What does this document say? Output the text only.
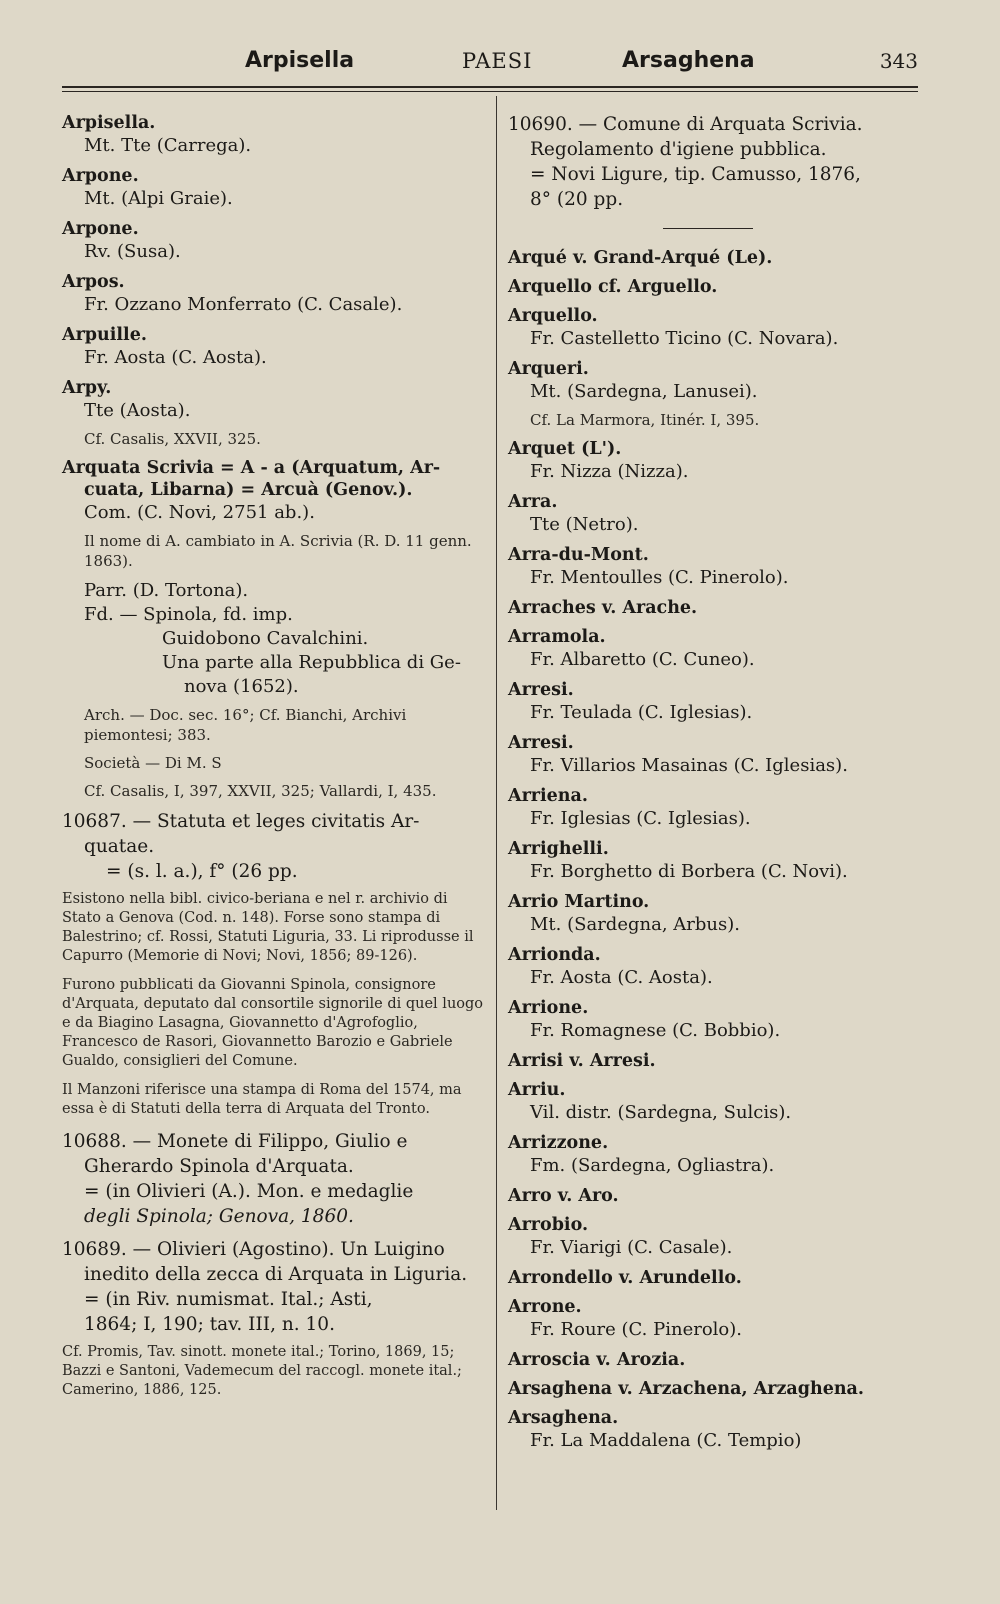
Arpisella	PAESI	Arsaghena	343
Arpisella.
Mt. Tte (Carrega).
Arpone.
Mt. (Alpi Graie).
Arpone.
Rv. (Susa).
Arpos.
Fr. Ozzano Monferrato (C. Casale).
Arpuille.
Fr. Aosta (C. Aosta).
Arpy.
Tte (Aosta).
Cf. Casalis, XXVII, 325.
Arquata Scrivia = A - a (Arquatum, Ar-
cuata, Libarna) = Arcuà (Genov.).
Com. (C. Novi, 2751 ab.).
Il nome di A. cambiato in A. Scrivia (R. D. 11 genn. 1863).
Parr. (D. Tortona).
Fd. — Spinola, fd. imp.
Guidobono Cavalchini.
Una parte alla Repubblica di Ge-
nova (1652).
Arch. — Doc. sec. 16°; Cf. Bianchi, Archivi piemontesi; 383.
Società — Di M. S
Cf. Casalis, I, 397, XXVII, 325; Vallardi, I, 435.
10687. — Statuta et leges civitatis Ar-
quatae.
= (s. l. a.), f° (26 pp.
Esistono nella bibl. civico-beriana e nel r. archivio di Stato a Genova (Cod. n. 148). Forse sono stampa di Balestrino; cf. Rossi, Statuti Liguria, 33. Li riprodusse il Capurro (Memorie di Novi; Novi, 1856; 89-126).
Furono pubblicati da Giovanni Spinola, consignore d'Arquata, deputato dal consortile signorile di quel luogo e da Biagino Lasagna, Giovannetto d'Agrofoglio, Francesco de Rasori, Giovannetto Barozio e Gabriele Gualdo, consiglieri del Comune.
Il Manzoni riferisce una stampa di Roma del 1574, ma essa è di Statuti della terra di Arquata del Tronto.
10688. — Monete di Filippo, Giulio e
Gherardo Spinola d'Arquata.
= (in Olivieri (A.). Mon. e medaglie
degli Spinola; Genova, 1860.
10689. — Olivieri (Agostino). Un Luigino
inedito della zecca di Arquata in Liguria.
= (in Riv. numismat. Ital.; Asti,
1864; I, 190; tav. III, n. 10.
Cf. Promis, Tav. sinott. monete ital.; Torino, 1869, 15; Bazzi e Santoni, Vademecum del raccogl. monete ital.; Camerino, 1886, 125.
10690. — Comune di Arquata Scrivia.
Regolamento d'igiene pubblica.
= Novi Ligure, tip. Camusso, 1876,
8° (20 pp.
Arqué v. Grand-Arqué (Le).
Arquello cf. Arguello.
Arquello.
Fr. Castelletto Ticino (C. Novara).
Arqueri.
Mt. (Sardegna, Lanusei).
Cf. La Marmora, Itinér. I, 395.
Arquet (L').
Fr. Nizza (Nizza).
Arra.
Tte (Netro).
Arra-du-Mont.
Fr. Mentoulles (C. Pinerolo).
Arraches v. Arache.
Arramola.
Fr. Albaretto (C. Cuneo).
Arresi.
Fr. Teulada (C. Iglesias).
Arresi.
Fr. Villarios Masainas (C. Iglesias).
Arriena.
Fr. Iglesias (C. Iglesias).
Arrighelli.
Fr. Borghetto di Borbera (C. Novi).
Arrio Martino.
Mt. (Sardegna, Arbus).
Arrionda.
Fr. Aosta (C. Aosta).
Arrione.
Fr. Romagnese (C. Bobbio).
Arrisi v. Arresi.
Arriu.
Vil. distr. (Sardegna, Sulcis).
Arrizzone.
Fm. (Sardegna, Ogliastra).
Arro v. Aro.
Arrobio.
Fr. Viarigi (C. Casale).
Arrondello v. Arundello.
Arrone.
Fr. Roure (C. Pinerolo).
Arroscia v. Arozia.
Arsaghena v. Arzachena, Arzaghena.
Arsaghena.
Fr. La Maddalena (C. Tempio)
